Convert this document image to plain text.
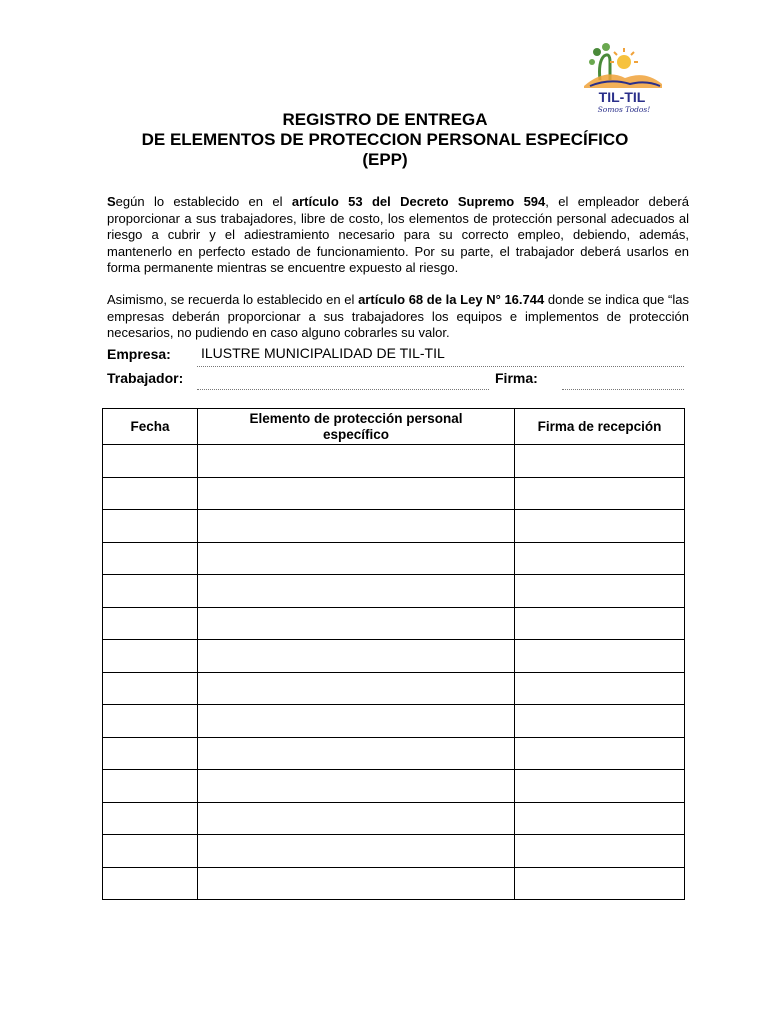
TIL-TIL
Somos Todos!
REGISTRO DE ENTREGA
DE ELEMENTOS DE PROTECCION PERSONAL ESPECÍFICO
(EPP)

Según lo establecido en el artículo 53 del Decreto Supremo 594, el empleador deberá proporcionar a sus trabajadores, libre de costo, los elementos de protección personal adecuados al riesgo a cubrir y el adiestramiento necesario para su correcto empleo, debiendo, además, mantenerlo en perfecto estado de funcionamiento. Por su parte, el trabajador deberá usarlos en forma permanente mientras se encuentre expuesto al riesgo.

Asimismo, se recuerda lo establecido en el artículo 68 de la Ley N° 16.744 donde se indica que “las empresas deberán proporcionar a sus trabajadores los equipos e implementos de protección necesarios, no pudiendo en caso alguno cobrarles su valor.

Empresa: ILUSTRE MUNICIPALIDAD DE TIL-TIL
Trabajador:	Firma:
Fecha	Elemento de protección personal específico	Firma de recepción
